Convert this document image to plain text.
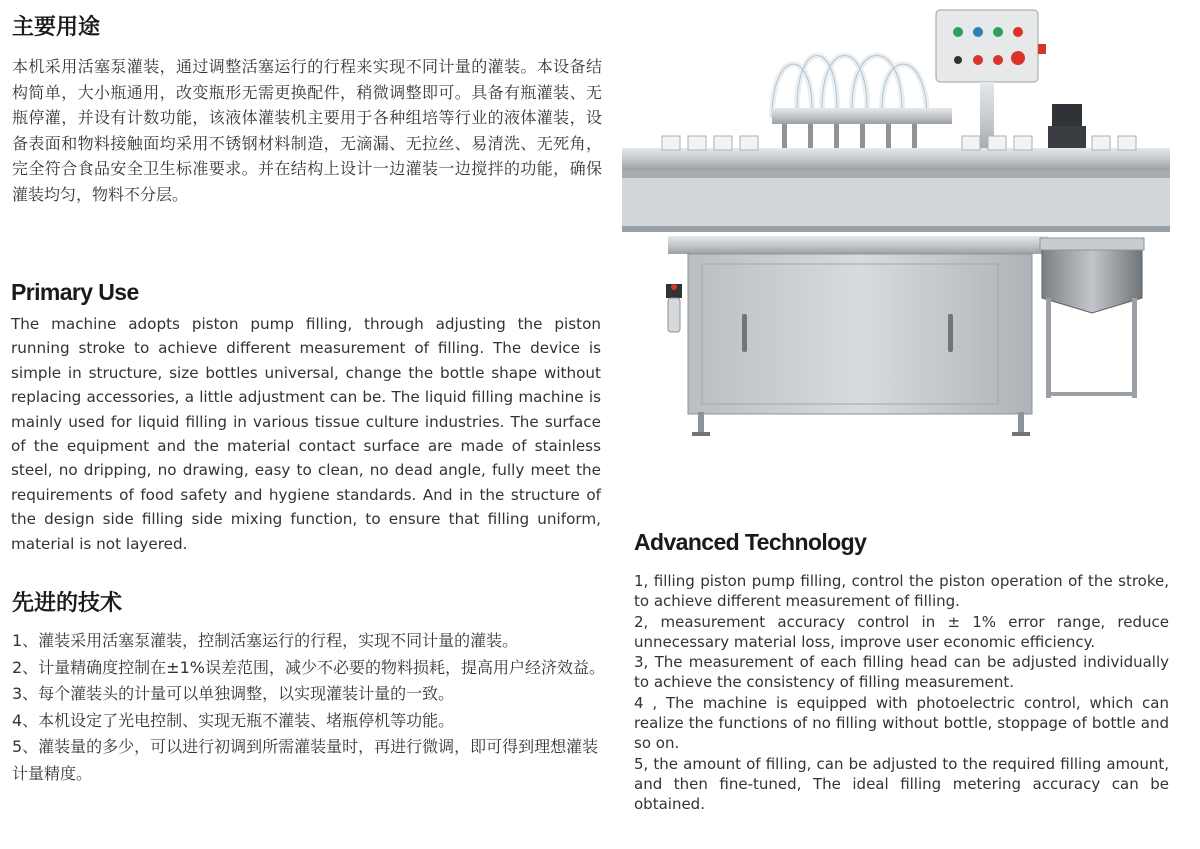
主要用途

本机采用活塞泵灌装，通过调整活塞运行的行程来实现不同计量的灌装。本设备结构简单，大小瓶通用，改变瓶形无需更换配件，稍微调整即可。具备有瓶灌装、无瓶停灌，并设有计数功能，该液体灌装机主要用于各种组培等行业的液体灌装，设备表面和物料接触面均采用不锈钢材料制造，无滴漏、无拉丝、易清洗、无死角，完全符合食品安全卫生标准要求。并在结构上设计一边灌装一边搅拌的功能，确保灌装均匀，物料不分层。

Primary Use

The machine adopts piston pump filling, through adjusting the piston running stroke to achieve different measurement of filling. The device is simple in structure, size bottles universal, change the bottle shape without replacing accessories, a little adjustment can be. The liquid filling machine is mainly used for liquid filling in various tissue culture industries. The surface of the equipment and the material contact surface are made of stainless steel, no dripping, no drawing, easy to clean, no dead angle, fully meet the requirements of food safety and hygiene standards. And in the structure of the design side filling side mixing function, to ensure that filling uniform, material is not layered.

先进的技术
1、灌装采用活塞泵灌装，控制活塞运行的行程，实现不同计量的灌装。
2、计量精确度控制在±1%误差范围，减少不必要的物料损耗，提高用户经济效益。
3、每个灌装头的计量可以单独调整，以实现灌装计量的一致。
4、本机设定了光电控制、实现无瓶不灌装、堵瓶停机等功能。
5、灌装量的多少，可以进行初调到所需灌装量时，再进行微调，即可得到理想灌装计量精度。
Advanced Technology
1, filling piston pump filling, control the piston operation of the stroke, to achieve different measurement of filling.
2, measurement accuracy control in ± 1% error range, reduce unnecessary material loss, improve user economic efficiency.
3, The measurement of each filling head can be adjusted individually to achieve the consistency of filling measurement.
4 , The machine is equipped with photoelectric control, which can realize the functions of no filling without bottle, stoppage of bottle and so on.
5, the amount of filling, can be adjusted to the required filling amount, and then fine-tuned, The ideal filling metering accuracy can be obtained.
